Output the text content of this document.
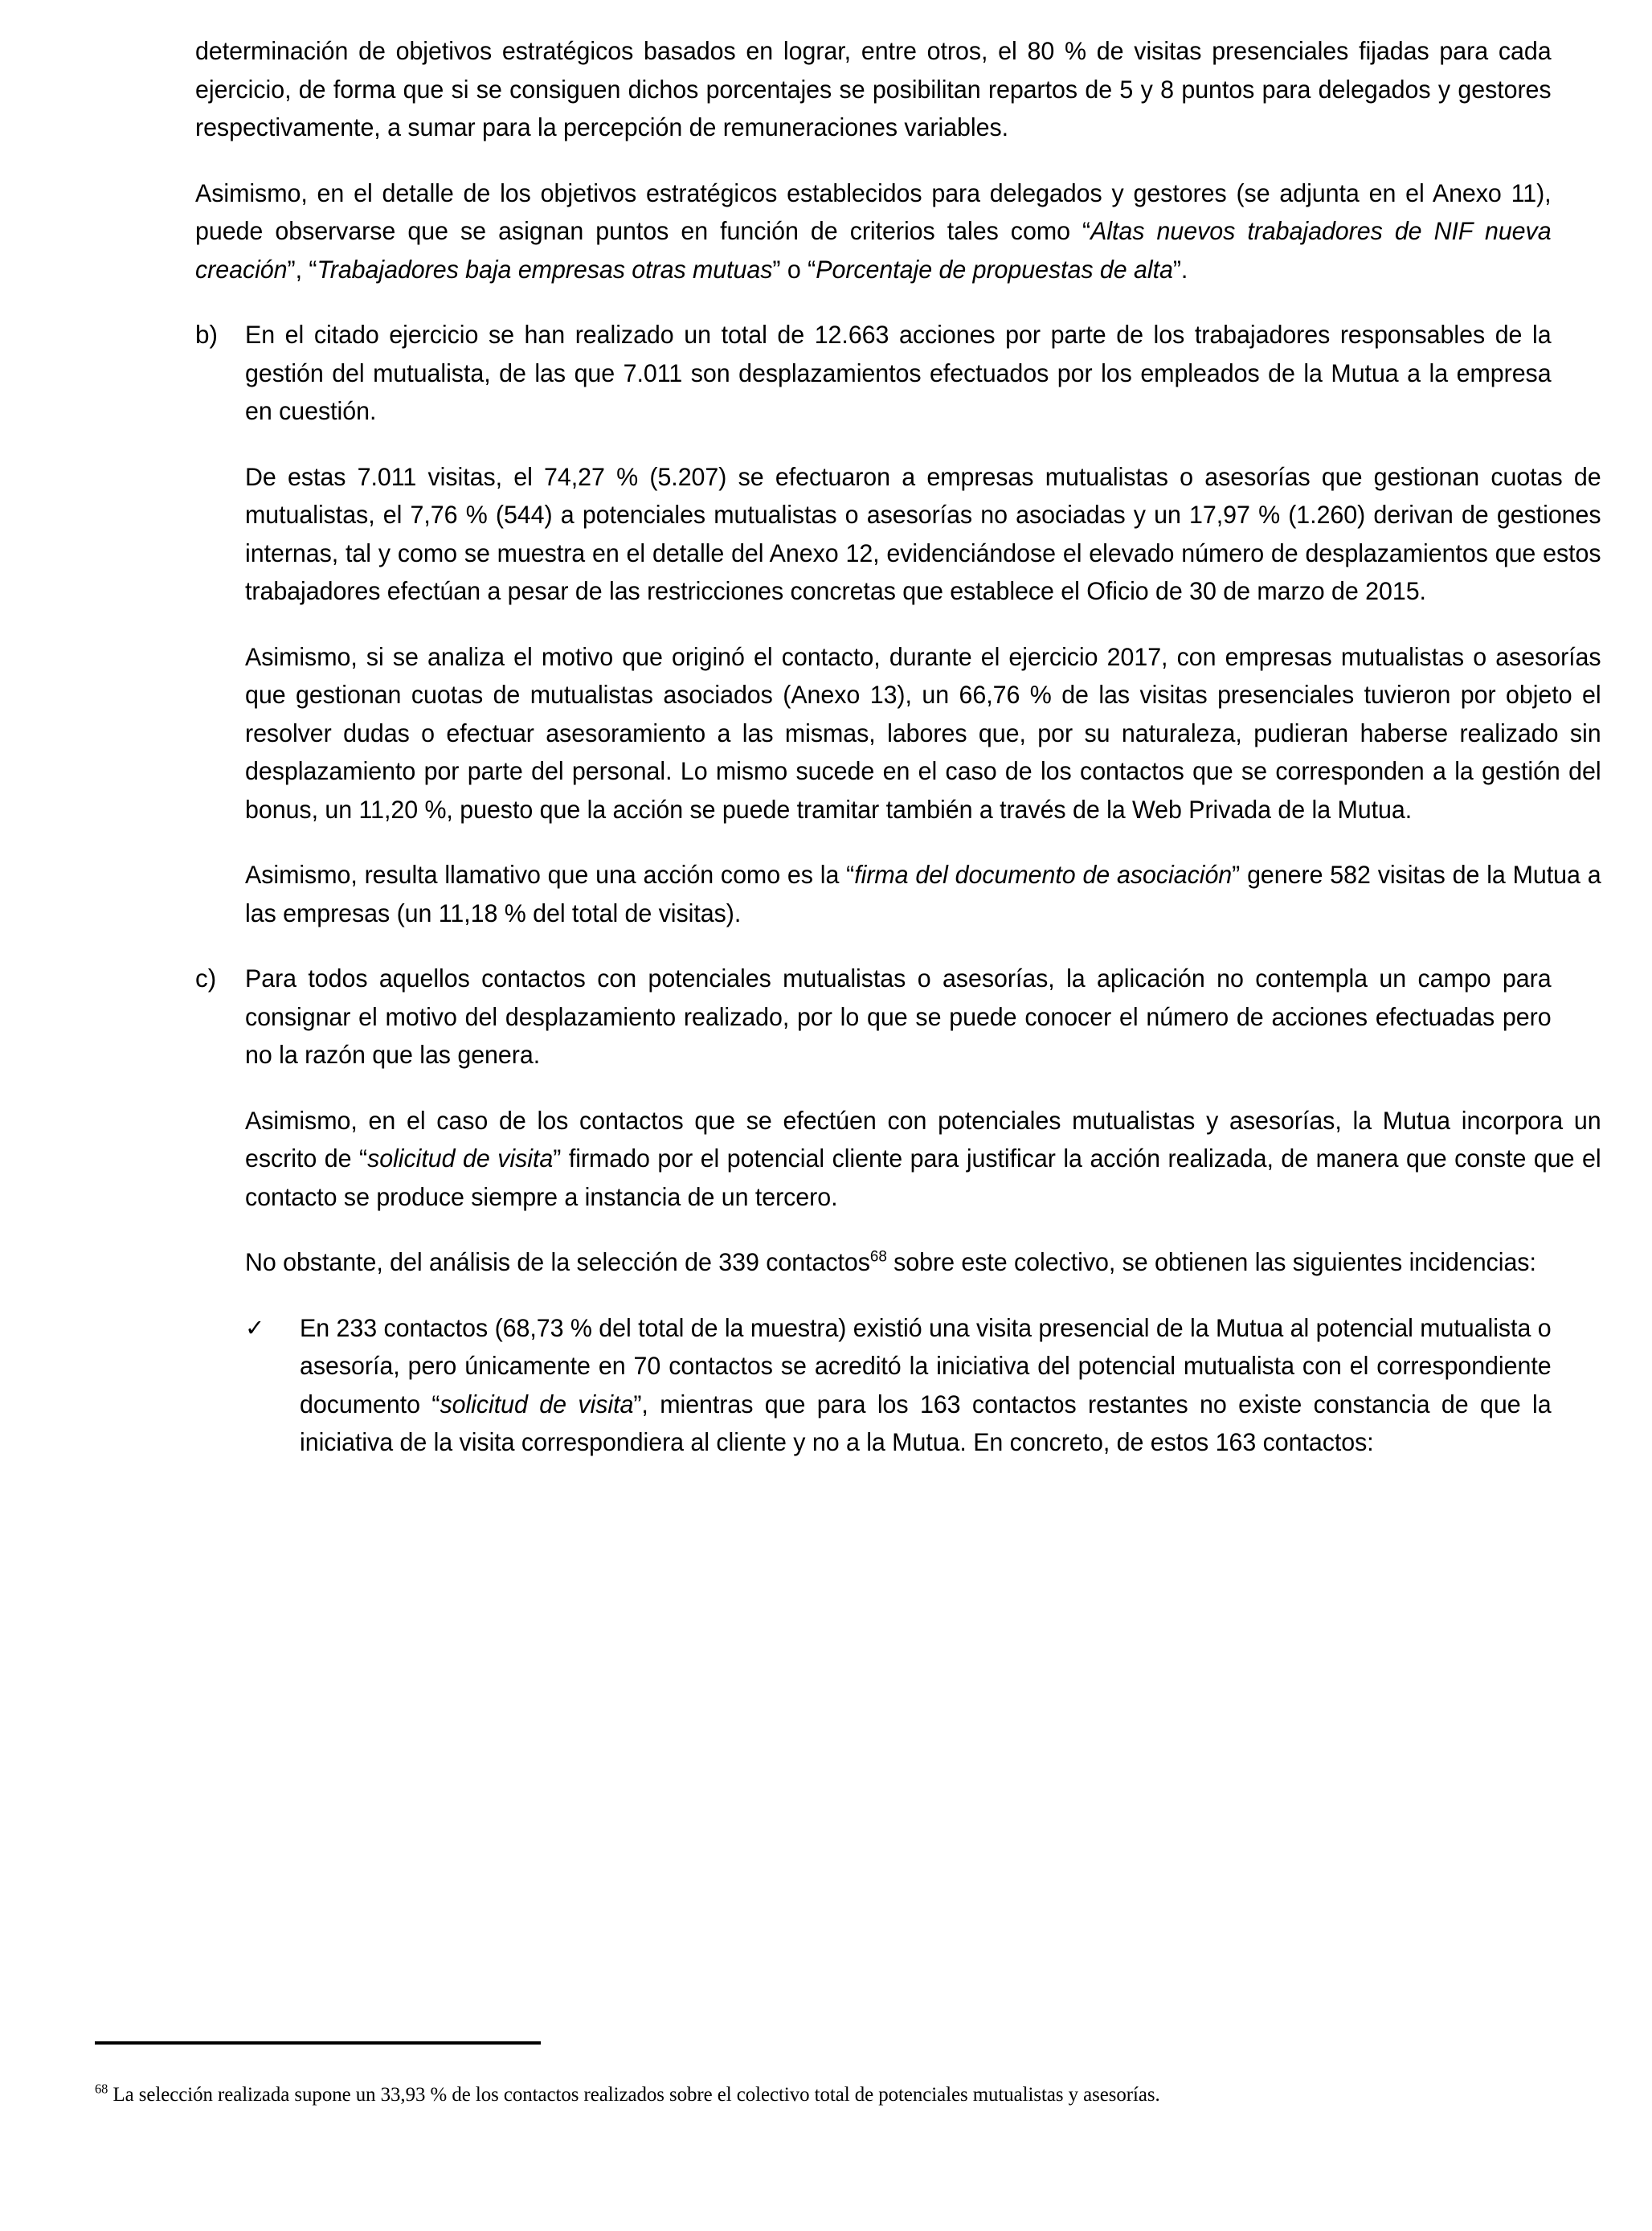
determinación de objetivos estratégicos basados en lograr, entre otros, el 80 % de visitas presenciales fijadas para cada ejercicio, de forma que si se consiguen dichos porcentajes se posibilitan repartos de 5 y 8 puntos para delegados y gestores respectivamente, a sumar para la percepción de remuneraciones variables.

Asimismo, en el detalle de los objetivos estratégicos establecidos para delegados y gestores (se adjunta en el Anexo 11), puede observarse que se asignan puntos en función de criterios tales como “Altas nuevos trabajadores de NIF nueva creación”, “Trabajadores baja empresas otras mutuas” o “Porcentaje de propuestas de alta”.

b)	En el citado ejercicio se han realizado un total de 12.663 acciones por parte de los trabajadores responsables de la gestión del mutualista, de las que 7.011 son desplazamientos efectuados por los empleados de la Mutua a la empresa en cuestión.

De estas 7.011 visitas, el 74,27 % (5.207) se efectuaron a empresas mutualistas o asesorías que gestionan cuotas de mutualistas, el 7,76 % (544) a potenciales mutualistas o asesorías no asociadas y un 17,97 % (1.260) derivan de gestiones internas, tal y como se muestra en el detalle del Anexo 12, evidenciándose el elevado número de desplazamientos que estos trabajadores efectúan a pesar de las restricciones concretas que establece el Oficio de 30 de marzo de 2015.

Asimismo, si se analiza el motivo que originó el contacto, durante el ejercicio 2017, con empresas mutualistas o asesorías que gestionan cuotas de mutualistas asociados (Anexo 13), un 66,76 % de las visitas presenciales tuvieron por objeto el resolver dudas o efectuar asesoramiento a las mismas, labores que, por su naturaleza, pudieran haberse realizado sin desplazamiento por parte del personal. Lo mismo sucede en el caso de los contactos que se corresponden a la gestión del bonus, un 11,20 %, puesto que la acción se puede tramitar también a través de la Web Privada de la Mutua.

Asimismo, resulta llamativo que una acción como es la “firma del documento de asociación” genere 582 visitas de la Mutua a las empresas (un 11,18 % del total de visitas).

c)	Para todos aquellos contactos con potenciales mutualistas o asesorías, la aplicación no contempla un campo para consignar el motivo del desplazamiento realizado, por lo que se puede conocer el número de acciones efectuadas pero no la razón que las genera.

Asimismo, en el caso de los contactos que se efectúen con potenciales mutualistas y asesorías, la Mutua incorpora un escrito de “solicitud de visita” firmado por el potencial cliente para justificar la acción realizada, de manera que conste que el contacto se produce siempre a instancia de un tercero.

No obstante, del análisis de la selección de 339 contactos$^{68}$ sobre este colectivo, se obtienen las siguientes incidencias:

✓	En 233 contactos (68,73 % del total de la muestra) existió una visita presencial de la Mutua al potencial mutualista o asesoría, pero únicamente en 70 contactos se acreditó la iniciativa del potencial mutualista con el correspondiente documento “solicitud de visita”, mientras que para los 163 contactos restantes no existe constancia de que la iniciativa de la visita correspondiera al cliente y no a la Mutua. En concreto, de estos 163 contactos:
$^{68}$ La selección realizada supone un 33,93 % de los contactos realizados sobre el colectivo total de potenciales mutualistas y asesorías.
